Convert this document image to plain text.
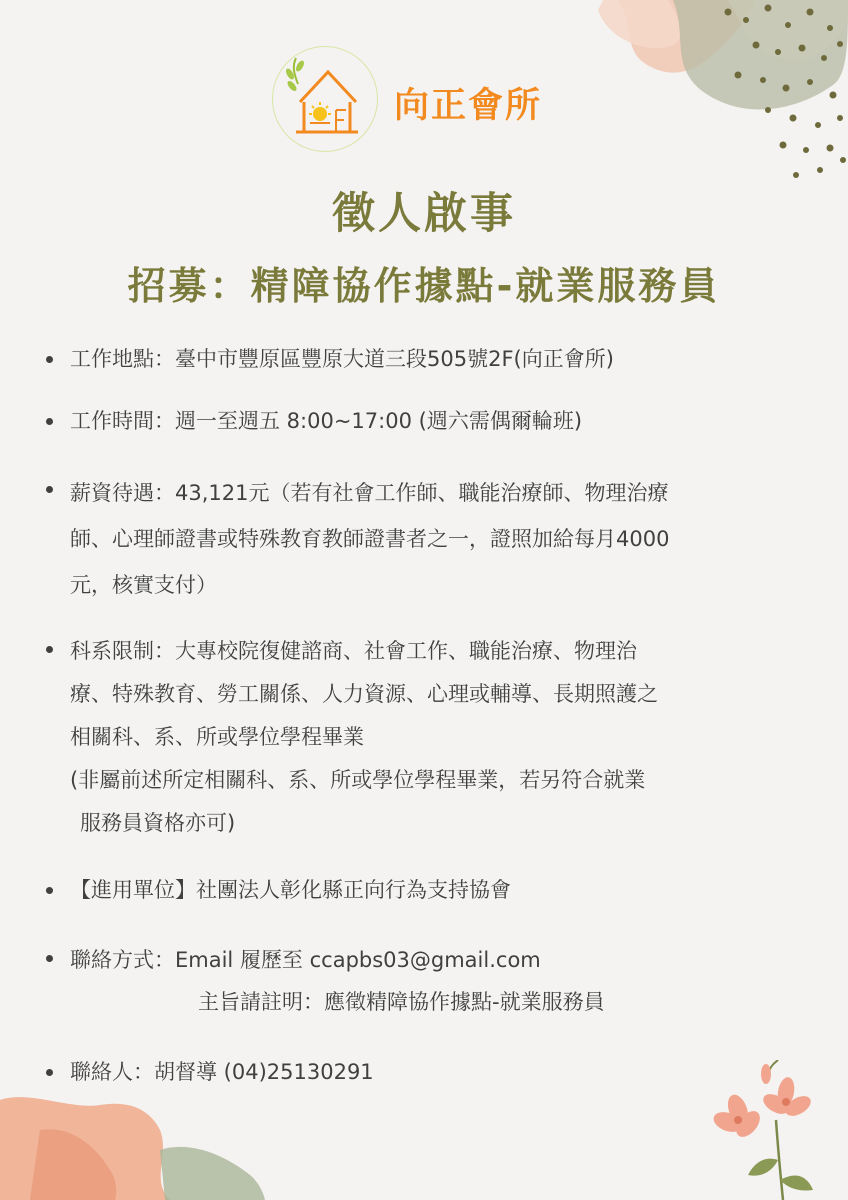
向正會所
徵人啟事
招募：精障協作據點-就業服務員
工作地點：臺中市豐原區豐原大道三段505號2F(向正會所)
工作時間：週一至週五 8:00~17:00 (週六需偶爾輪班)
薪資待遇：43,121元（若有社會工作師、職能治療師、物理治療
師、心理師證書或特殊教育教師證書者之一，證照加給每月4000
元，核實支付）
科系限制：大專校院復健諮商、社會工作、職能治療、物理治
療、特殊教育、勞工關係、人力資源、心理或輔導、長期照護之
相關科、系、所或學位學程畢業
(非屬前述所定相關科、系、所或學位學程畢業，若另符合就業
服務員資格亦可)
【進用單位】社團法人彰化縣正向行為支持協會
聯絡方式：Email 履歷至 ccapbs03@gmail.com
主旨請註明：應徵精障協作據點-就業服務員
聯絡人：胡督導 (04)25130291
